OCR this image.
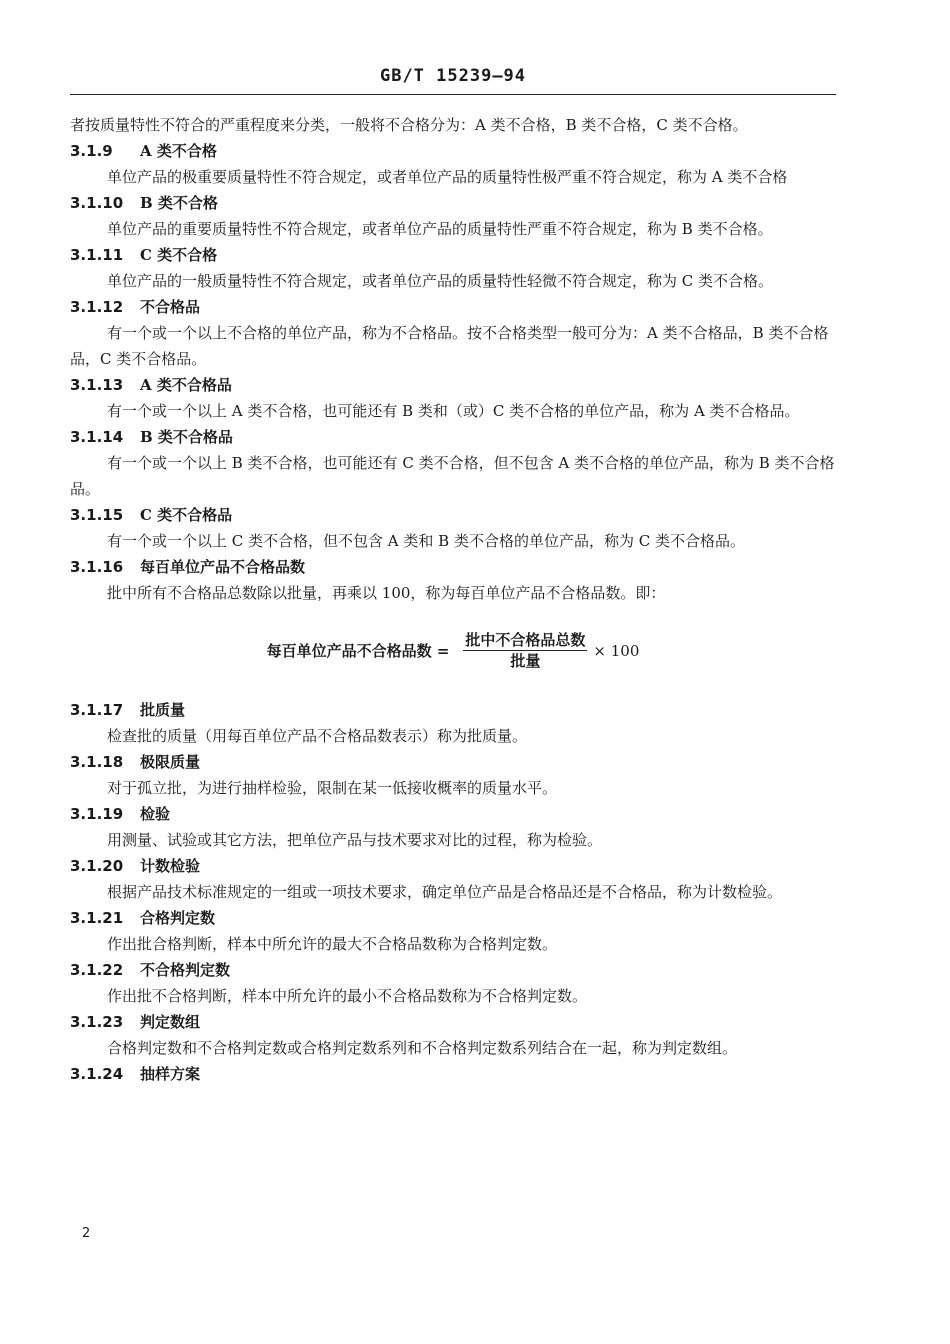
GB/T 15239—94

者按质量特性不符合的严重程度来分类，一般将不合格分为：A 类不合格，B 类不合格，C 类不合格。

3.1.9	A 类不合格

单位产品的极重要质量特性不符合规定，或者单位产品的质量特性极严重不符合规定，称为 A 类不合格

3.1.10	B 类不合格

单位产品的重要质量特性不符合规定，或者单位产品的质量特性严重不符合规定，称为 B 类不合格。

3.1.11	C 类不合格

单位产品的一般质量特性不符合规定，或者单位产品的质量特性轻微不符合规定，称为 C 类不合格。

3.1.12	不合格品

有一个或一个以上不合格的单位产品，称为不合格品。按不合格类型一般可分为：A 类不合格品，B 类不合格品，C 类不合格品。

3.1.13	A 类不合格品

有一个或一个以上 A 类不合格，也可能还有 B 类和（或）C 类不合格的单位产品，称为 A 类不合格品。

3.1.14	B 类不合格品

有一个或一个以上 B 类不合格，也可能还有 C 类不合格，但不包含 A 类不合格的单位产品，称为 B 类不合格品。

3.1.15	C 类不合格品

有一个或一个以上 C 类不合格，但不包含 A 类和 B 类不合格的单位产品，称为 C 类不合格品。

3.1.16	每百单位产品不合格品数

批中所有不合格品总数除以批量，再乘以 100，称为每百单位产品不合格品数。即：

每百单位产品不合格品数 = $\frac{\text{批中不合格品总数}}{\text{批量}} \times 100$
3.1.17	批质量

检查批的质量（用每百单位产品不合格品数表示）称为批质量。

3.1.18	极限质量

对于孤立批，为进行抽样检验，限制在某一低接收概率的质量水平。

3.1.19	检验

用测量、试验或其它方法，把单位产品与技术要求对比的过程，称为检验。

3.1.20	计数检验

根据产品技术标准规定的一组或一项技术要求，确定单位产品是合格品还是不合格品，称为计数检验。

3.1.21	合格判定数

作出批合格判断，样本中所允许的最大不合格品数称为合格判定数。

3.1.22	不合格判定数

作出批不合格判断，样本中所允许的最小不合格品数称为不合格判定数。

3.1.23	判定数组

合格判定数和不合格判定数或合格判定数系列和不合格判定数系列结合在一起，称为判定数组。

3.1.24	抽样方案
2
